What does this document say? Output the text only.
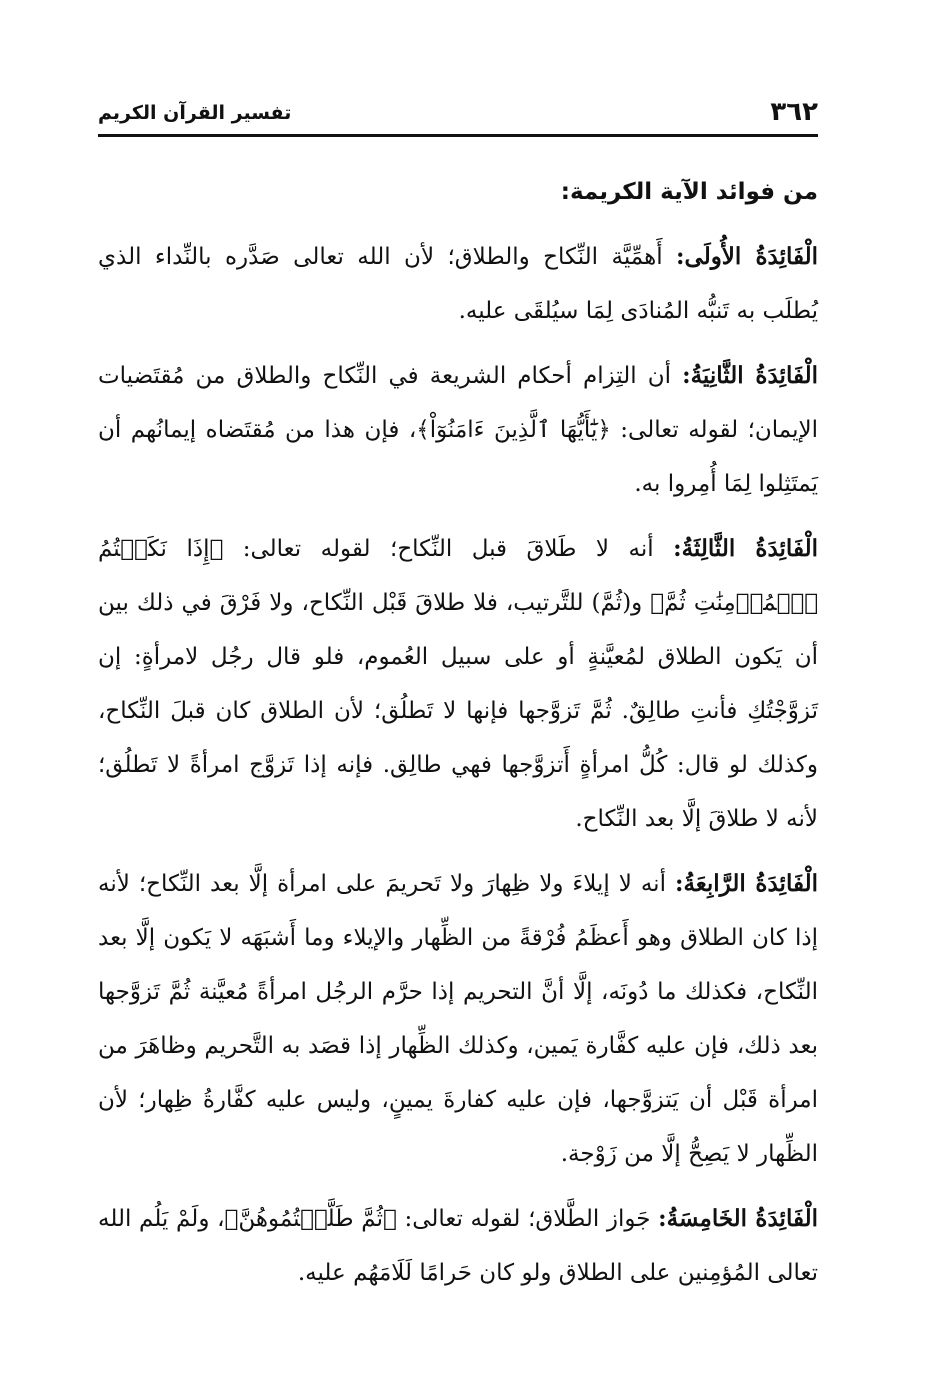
٣٦٢
تفسير القرآن الكريم
من فوائد الآية الكريمة:

الْفَائِدَةُ الأُولَى: أَهمِّيَّة النِّكاح والطلاق؛ لأن الله تعالى صَدَّره بالنِّداء الذي يُطلَب به تَنبُّه المُنادَى لِمَا سيُلقَى عليه.

الْفَائِدَةُ الثَّانِيَةُ: أن التِزام أحكام الشريعة في النِّكاح والطلاق من مُقتَضيات الإيمان؛ لقوله تعالى: ﴿يَٰٓأَيُّهَا ٱلَّذِينَ ءَامَنُوٓاْ﴾، فإن هذا من مُقتَضاه إيمانُهم أن يَمتَثِلوا لِمَا أُمِروا به.

الْفَائِدَةُ الثَّالِثَةُ: أنه لا طَلاقَ قبل النِّكاح؛ لقوله تعالى: ﴿إِذَا نَكَحۡتُمُ ٱلۡمُؤۡمِنَٰتِ ثُمَّ﴾ و(ثُمَّ) للتَّرتيب، فلا طلاقَ قَبْل النِّكاح، ولا فَرْقَ في ذلك بين أن يَكون الطلاق لمُعيَّنةٍ أو على سبيل العُموم، فلو قال رجُل لامرأةٍ: إن تَزوَّجْتُكِ فأنتِ طالِقٌ. ثُمَّ تَزوَّجها فإنها لا تَطلُق؛ لأن الطلاق كان قبلَ النِّكاح، وكذلك لو قال: كُلُّ امرأةٍ أَتزوَّجها فهي طالِق. فإنه إذا تَزوَّج امرأةً لا تَطلُق؛ لأنه لا طلاقَ إلَّا بعد النِّكاح.

الْفَائِدَةُ الرَّابِعَةُ: أنه لا إيلاءَ ولا ظِهارَ ولا تَحريمَ على امرأة إلَّا بعد النِّكاح؛ لأنه إذا كان الطلاق وهو أَعظَمُ فُرْقةً من الظِّهار والإيلاء وما أَشبَهَه لا يَكون إلَّا بعد النِّكاح، فكذلك ما دُونَه، إلَّا أنَّ التحريم إذا حرَّم الرجُل امرأةً مُعيَّنة ثُمَّ تَزوَّجها بعد ذلك، فإن عليه كفَّارة يَمين، وكذلك الظِّهار إذا قصَد به التَّحريم وظاهَرَ من امرأة قَبْل أن يَتزوَّجها، فإن عليه كفارةَ يمينٍ، وليس عليه كفَّارةُ ظِهار؛ لأن الظِّهار لا يَصِحُّ إلَّا من زَوْجة.

الْفَائِدَةُ الخَامِسَةُ: جَواز الطَّلاق؛ لقوله تعالى: ﴿ثُمَّ طَلَّقۡتُمُوهُنَّ﴾، ولَمْ يَلُم الله تعالى المُؤمِنين على الطلاق ولو كان حَرامًا لَلَامَهُم عليه.
